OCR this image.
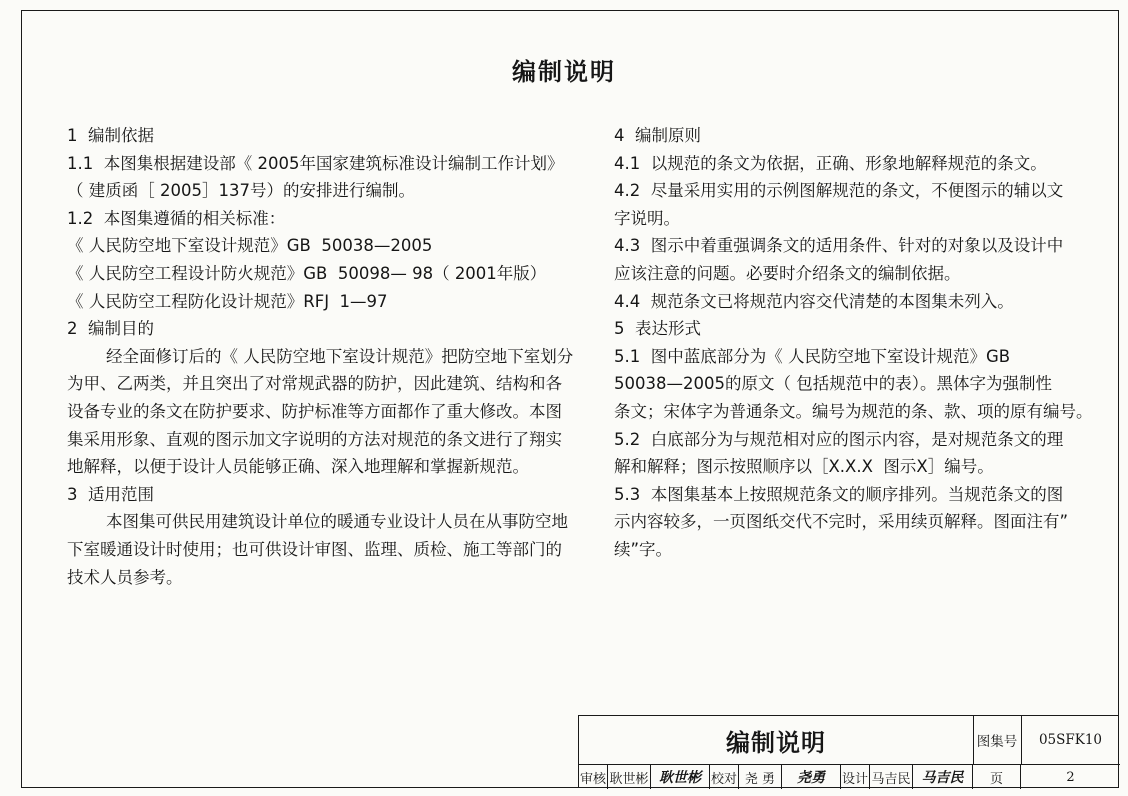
编制说明

1  编制依据

1.1  本图集根据建设部《 2005年国家建筑标准设计编制工作计划》

（ 建质函［ 2005］137号）的安排进行编制。

1.2  本图集遵循的相关标准：

《 人民防空地下室设计规范》GB  50038—2005

《 人民防空工程设计防火规范》GB  50098— 98（ 2001年版）

《 人民防空工程防化设计规范》RFJ  1—97

2  编制目的

经全面修订后的《 人民防空地下室设计规范》把防空地下室划分

为甲、乙两类，并且突出了对常规武器的防护，因此建筑、结构和各

设备专业的条文在防护要求、防护标准等方面都作了重大修改。本图

集采用形象、直观的图示加文字说明的方法对规范的条文进行了翔实

地解释，以便于设计人员能够正确、深入地理解和掌握新规范。

3  适用范围

本图集可供民用建筑设计单位的暖通专业设计人员在从事防空地

下室暖通设计时使用；也可供设计审图、监理、质检、施工等部门的

技术人员参考。

4  编制原则

4.1  以规范的条文为依据，正确、形象地解释规范的条文。

4.2  尽量采用实用的示例图解规范的条文，不便图示的辅以文

字说明。

4.3  图示中着重强调条文的适用条件、针对的对象以及设计中

应该注意的问题。必要时介绍条文的编制依据。

4.4  规范条文已将规范内容交代清楚的本图集未列入。

5  表达形式

5.1  图中蓝底部分为《 人民防空地下室设计规范》GB

50038—2005的原文（ 包括规范中的表）。黑体字为强制性

条文；宋体字为普通条文。编号为规范的条、款、项的原有编号。

5.2  白底部分为与规范相对应的图示内容，是对规范条文的理

解和解释；图示按照顺序以［X.X.X  图示X］编号。

5.3  本图集基本上按照规范条文的顺序排列。当规范条文的图

示内容较多，一页图纸交代不完时，采用续页解释。图面注有”

续”字。

编制说明	图集号	05SFK10
审核 耿世彬 耿世彬 校对 尧 勇	尧勇	设计 马吉民 马吉民	页	2
